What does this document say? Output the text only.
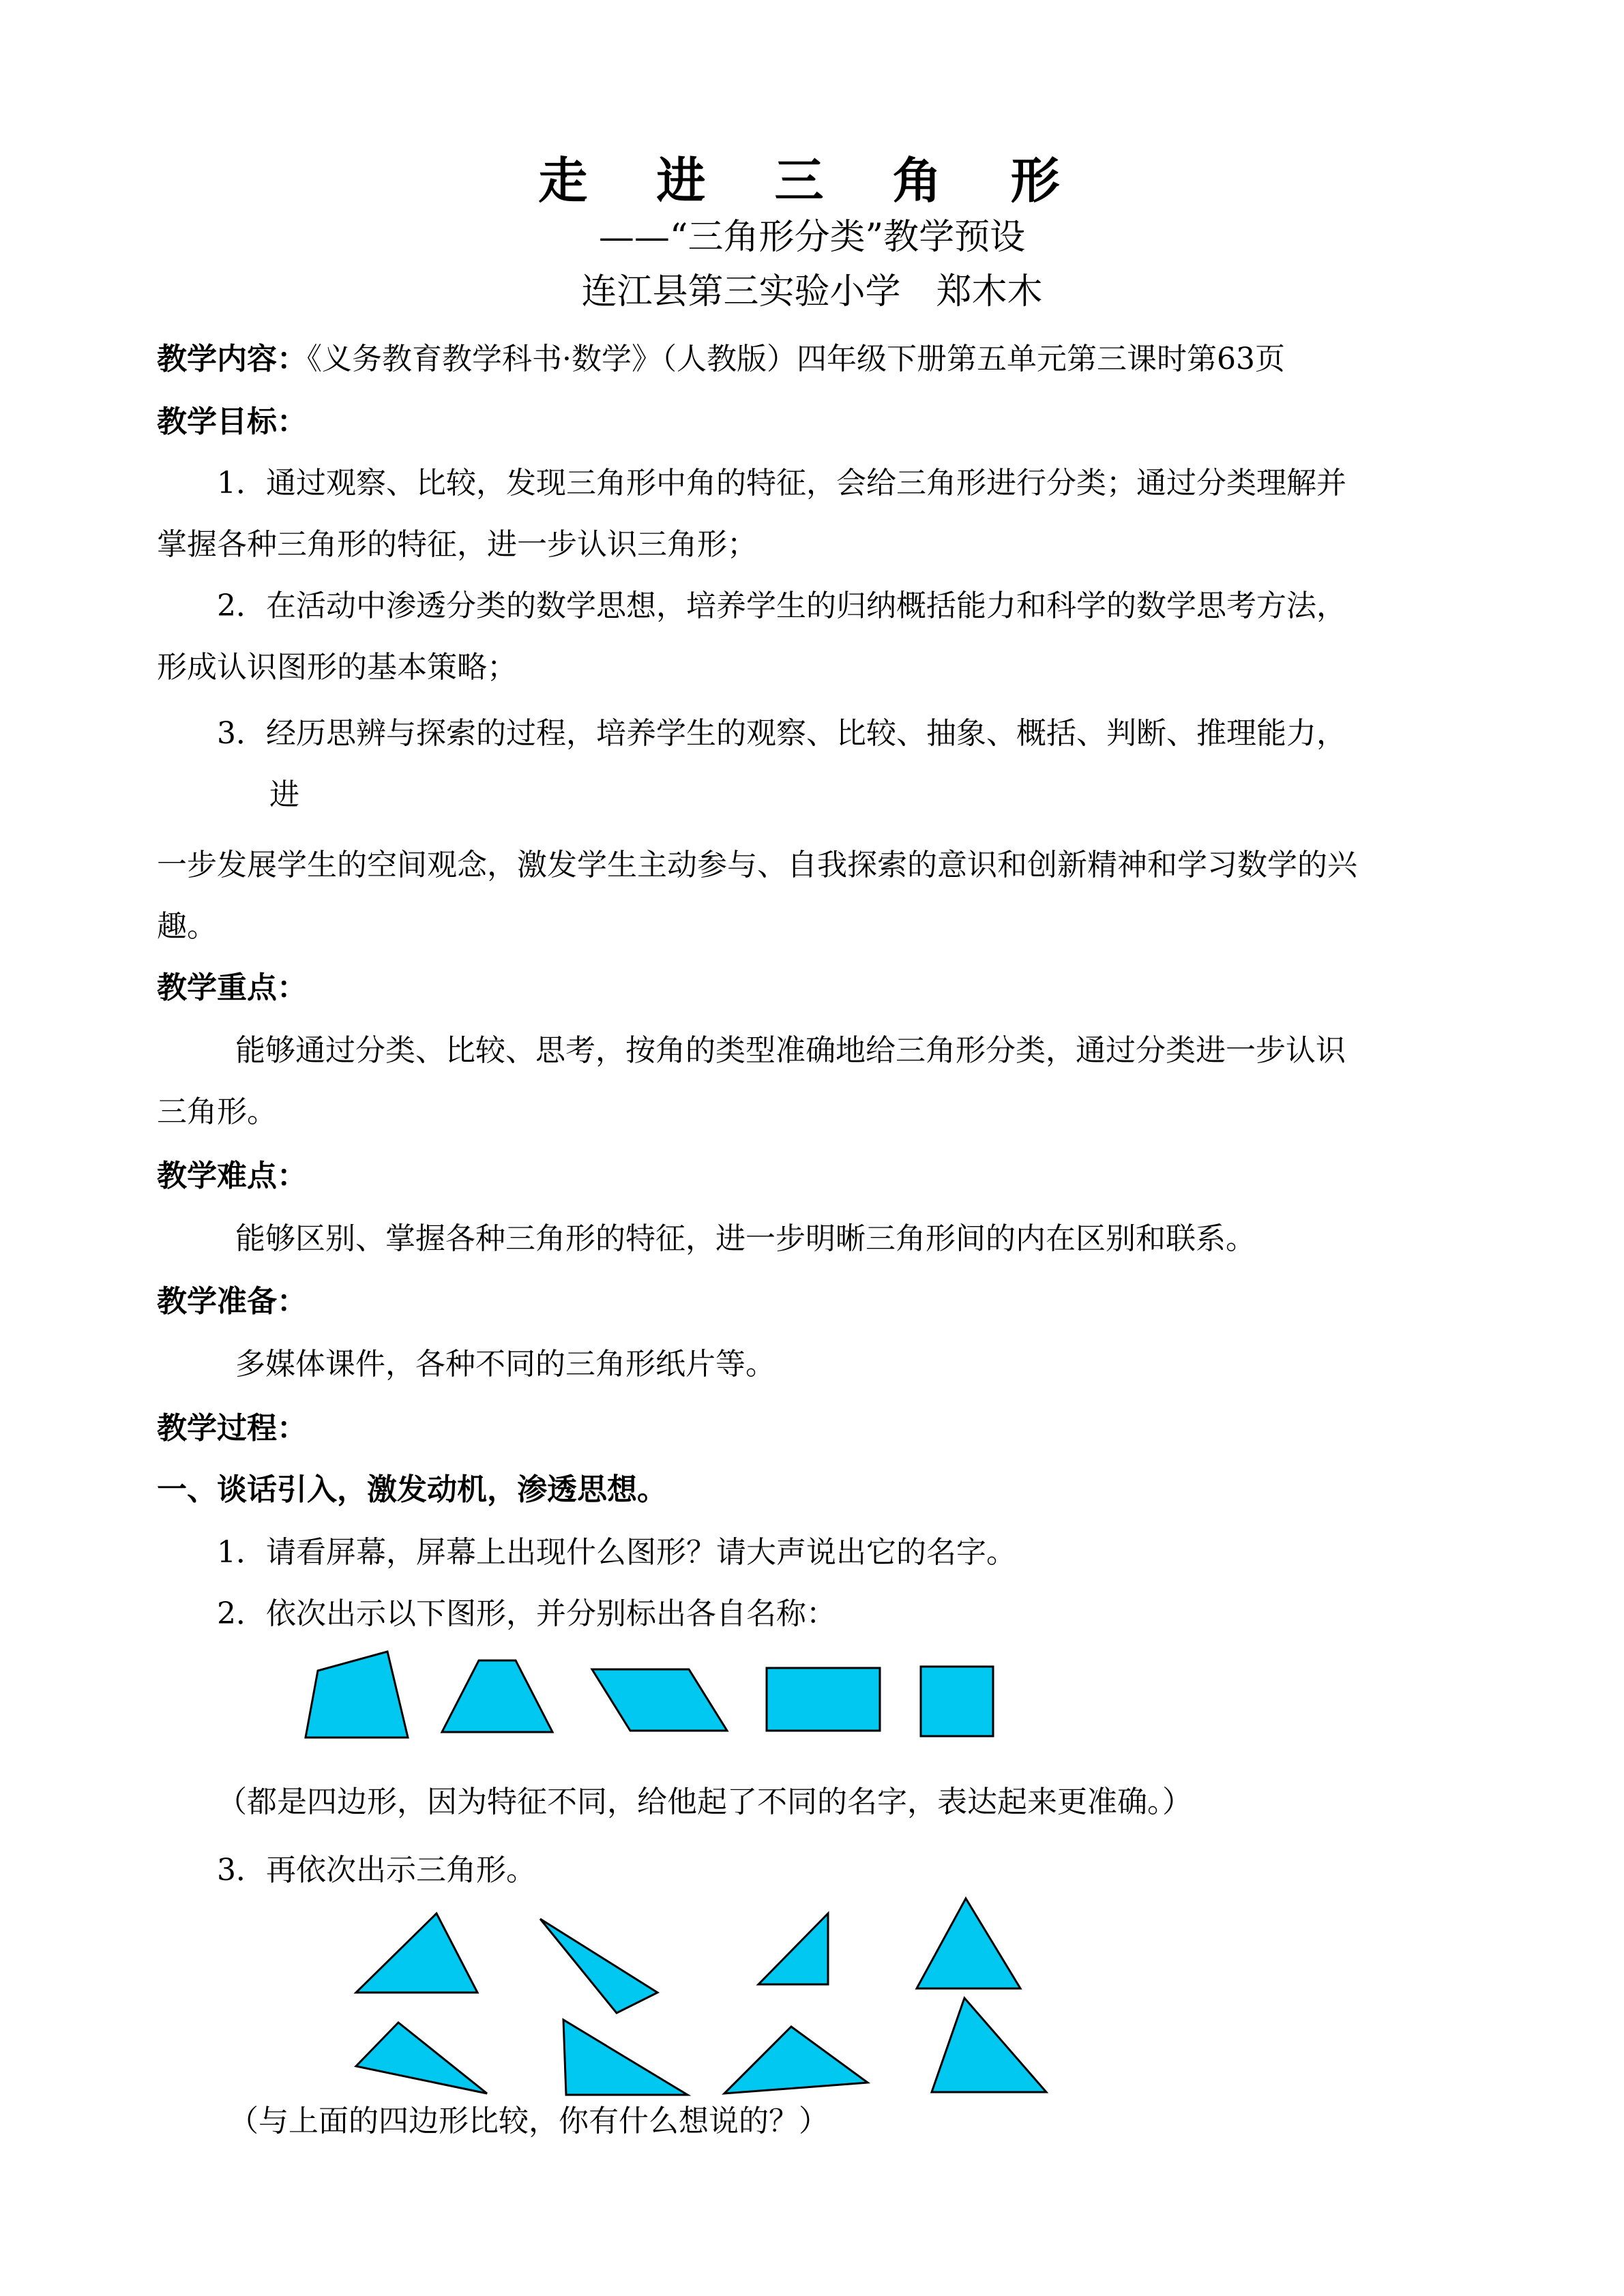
走 进 三 角 形
——“三角形分类”教学预设
连江县第三实验小学　郑木木
教学内容：《义务教育教学科书·数学》（人教版）四年级下册第五单元第三课时第63页
教学目标：
1．通过观察、比较，发现三角形中角的特征，会给三角形进行分类；通过分类理解并
掌握各种三角形的特征，进一步认识三角形；
2．在活动中渗透分类的数学思想，培养学生的归纳概括能力和科学的数学思考方法，
形成认识图形的基本策略；
3．经历思辨与探索的过程，培养学生的观察、比较、抽象、概括、判断、推理能力，
进
一步发展学生的空间观念，激发学生主动参与、自我探索的意识和创新精神和学习数学的兴
趣。
教学重点：
能够通过分类、比较、思考，按角的类型准确地给三角形分类，通过分类进一步认识
三角形。
教学难点：
能够区别、掌握各种三角形的特征，进一步明晰三角形间的内在区别和联系。
教学准备：
多媒体课件，各种不同的三角形纸片等。
教学过程：
一、谈话引入，激发动机，渗透思想。
1．请看屏幕，屏幕上出现什么图形？请大声说出它的名字。
2．依次出示以下图形，并分别标出各自名称：
（都是四边形，因为特征不同，给他起了不同的名字，表达起来更准确。）
3．再依次出示三角形。
（与上面的四边形比较，你有什么想说的？）
